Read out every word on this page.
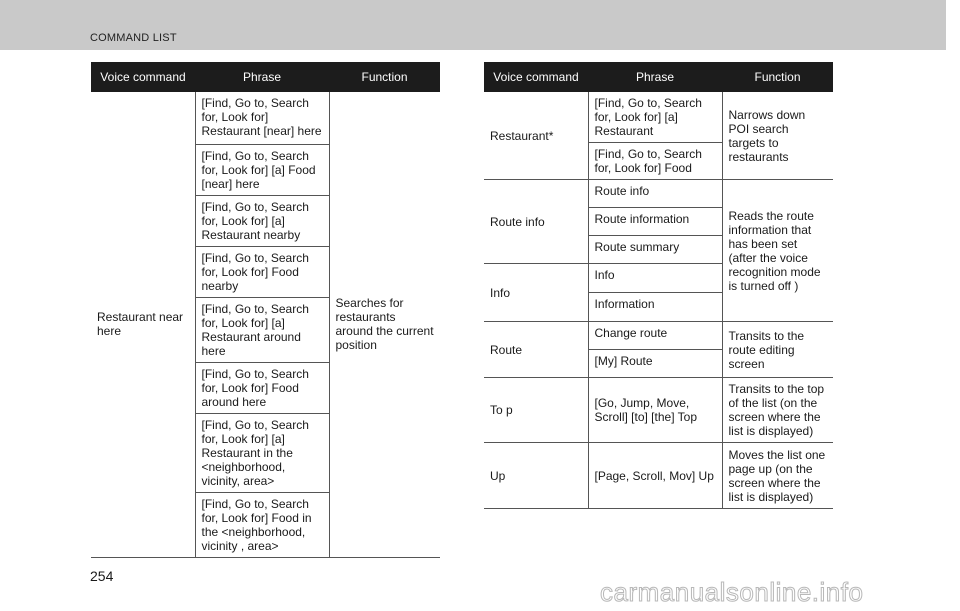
COMMAND LIST
Voice command	Phrase	Function
Restaurant near here	[Find, Go to, Search for, Look for] Restaurant [near] here	Searches for restaurants around the current position
	[Find, Go to, Search for, Look for] [a] Food [near] here	
	[Find, Go to, Search for, Look for] [a] Restaurant nearby	
	[Find, Go to, Search for, Look for] Food nearby	
	[Find, Go to, Search for, Look for] [a] Restaurant around here	
	[Find, Go to, Search for, Look for] Food around here	
	[Find, Go to, Search for, Look for] [a] Restaurant in the <neighborhood, vicinity, area>	
	[Find, Go to, Search for, Look for] Food in the <neighborhood, vicinity , area>	
Voice command	Phrase	Function
Restaurant*	[Find, Go to, Search for, Look for] [a] Restaurant	Narrows down POI search targets to restaurants
	[Find, Go to, Search for, Look for] Food	
Route info	Route info	Reads the route information that has been set (after the voice recognition mode is turned off )
	Route information	
	Route summary	
Info	Info	
	Information	
Route	Change route	Transits to the route editing screen
	[My] Route	
To p	[Go, Jump, Move, Scroll] [to] [the] Top	Transits to the top of the list (on the screen where the list is displayed)
Up	[Page, Scroll, Mov] Up	Moves the list one page up (on the screen where the list is displayed)
254
carmanualsonline.info
